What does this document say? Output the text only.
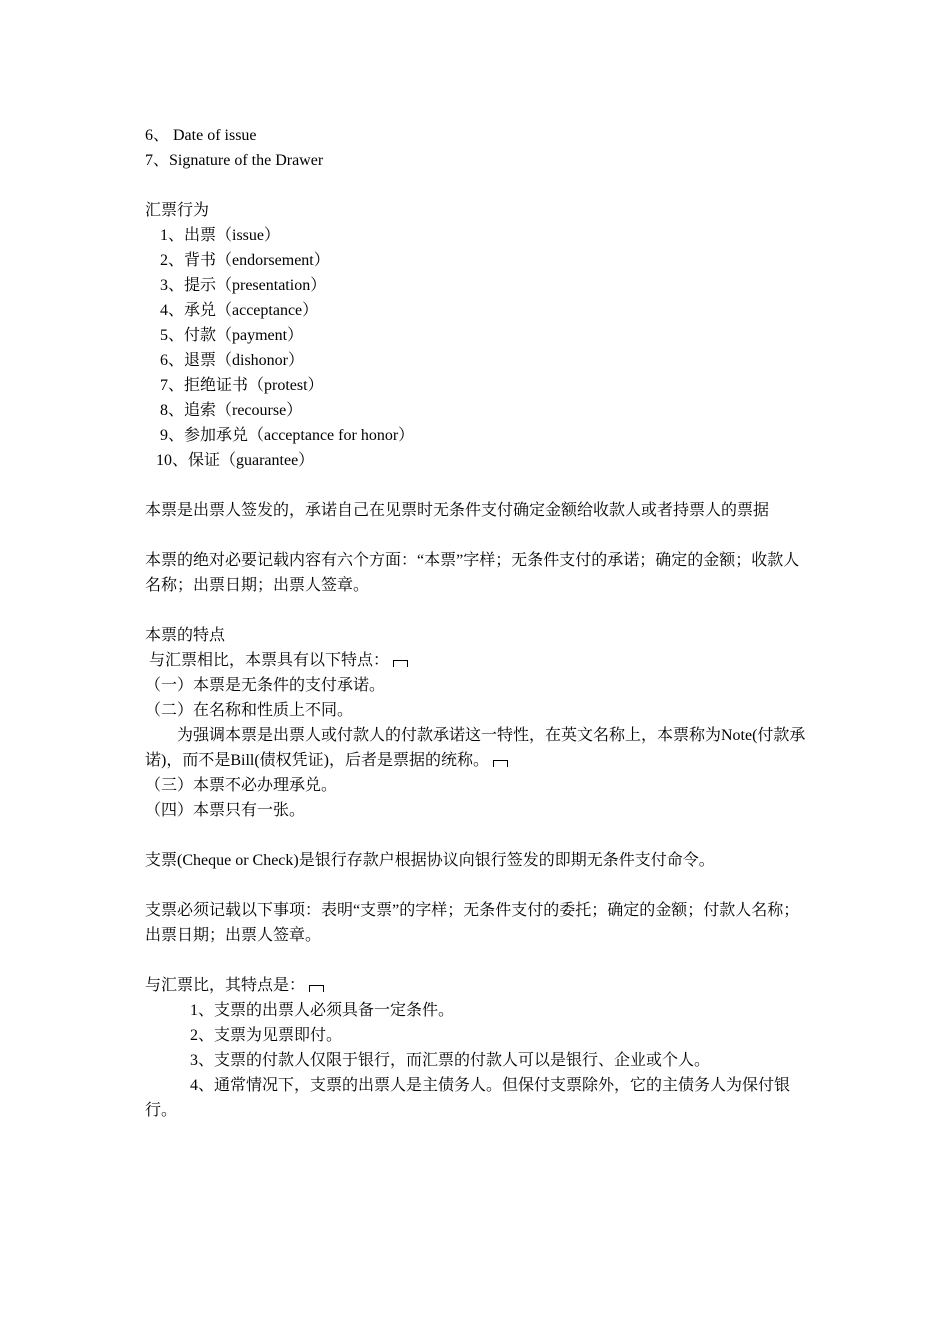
6、 Date of issue
7、Signature of the Drawer
汇票行为
1、出票（issue）
2、背书（endorsement）
3、提示（presentation）
4、承兑（acceptance）
5、付款（payment）
6、退票（dishonor）
7、拒绝证书（protest）
8、追索（recourse）
9、参加承兑（acceptance for honor）
10、保证（guarantee）
本票是出票人签发的，承诺自己在见票时无条件支付确定金额给收款人或者持票人的票据
本票的绝对必要记载内容有六个方面：“本票”字样；无条件支付的承诺；确定的金额；收款人名称；出票日期；出票人签章。
本票的特点
与汇票相比，本票具有以下特点：
（一）本票是无条件的支付承诺。
（二）在名称和性质上不同。
为强调本票是出票人或付款人的付款承诺这一特性，在英文名称上，本票称为Note(付款承诺)，而不是Bill(债权凭证)，后者是票据的统称。
（三）本票不必办理承兑。
（四）本票只有一张。
支票(Cheque or Check)是银行存款户根据协议向银行签发的即期无条件支付命令。
支票必须记载以下事项：表明“支票”的字样；无条件支付的委托；确定的金额；付款人名称；出票日期；出票人签章。
与汇票比，其特点是：
1、支票的出票人必须具备一定条件。
2、支票为见票即付。
3、支票的付款人仅限于银行，而汇票的付款人可以是银行、企业或个人。
4、通常情况下，支票的出票人是主债务人。但保付支票除外，它的主债务人为保付银行。
